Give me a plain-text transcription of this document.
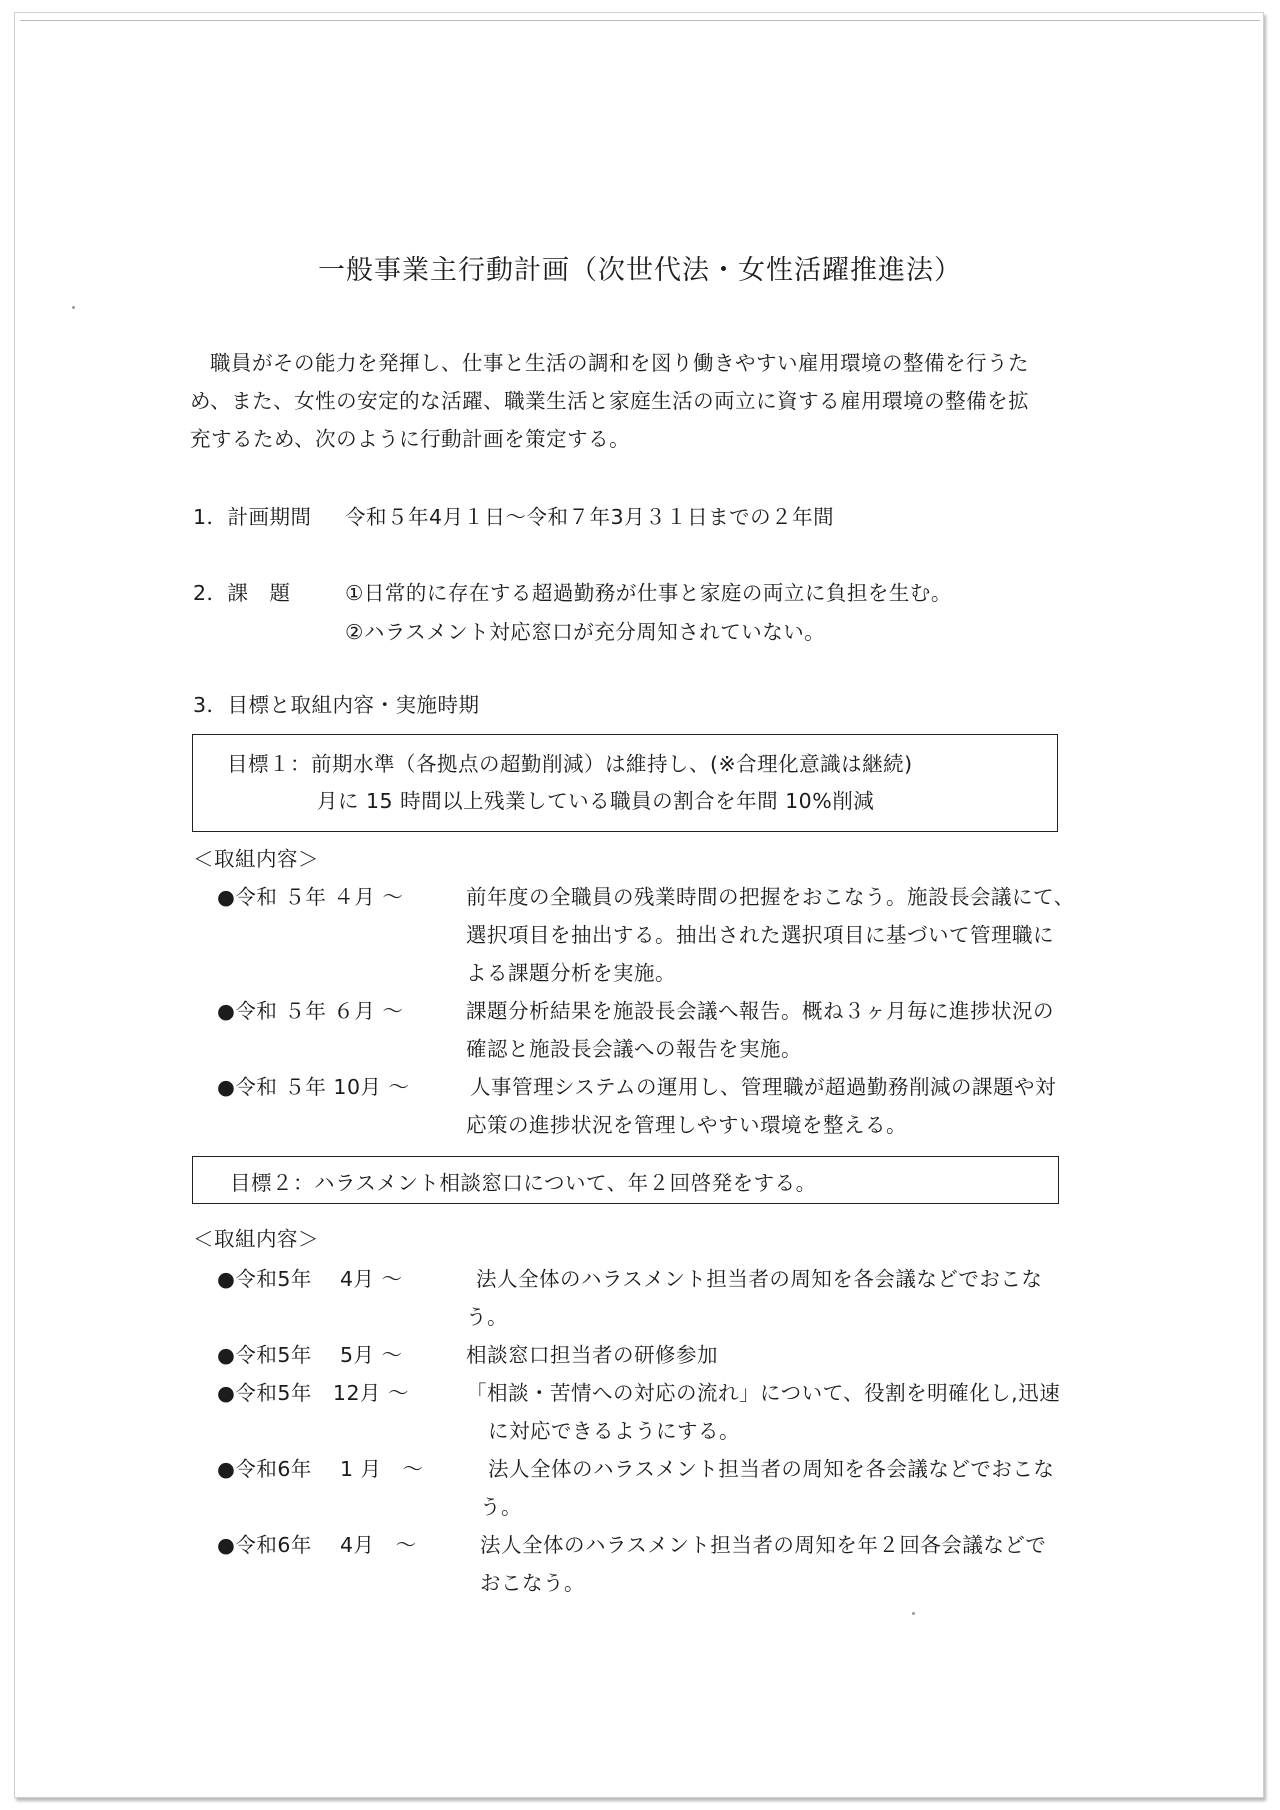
一般事業主行動計画（次世代法・女性活躍推進法）
職員がその能力を発揮し、仕事と生活の調和を図り働きやすい雇用環境の整備を行うた
め、また、女性の安定的な活躍、職業生活と家庭生活の両立に資する雇用環境の整備を拡
充するため、次のように行動計画を策定する。
1．計画期間 令和５年4月１日～令和７年3月３１日までの２年間
2．課　題	①日常的に存在する超過勤務が仕事と家庭の両立に負担を生む。
②ハラスメント対応窓口が充分周知されていない。
3．目標と取組内容・実施時期
目標１：前期水準（各拠点の超勤削減）は維持し、(※合理化意識は継続)
月に 15 時間以上残業している職員の割合を年間 10%削減
＜取組内容＞
●令和 ５年 ４月 ～	前年度の全職員の残業時間の把握をおこなう。施設長会議にて、
選択項目を抽出する。抽出された選択項目に基づいて管理職に
よる課題分析を実施。
●令和 ５年 ６月 ～	課題分析結果を施設長会議へ報告。概ね３ヶ月毎に進捗状況の
確認と施設長会議への報告を実施。
●令和 ５年 10月 ～	人事管理システムの運用し、管理職が超過勤務削減の課題や対
応策の進捗状況を管理しやすい環境を整える。
目標２：ハラスメント相談窓口について、年２回啓発をする。
＜取組内容＞
●令和5年　 4月 ～	法人全体のハラスメント担当者の周知を各会議などでおこな
う。
●令和5年　 5月 ～	相談窓口担当者の研修参加
●令和5年　12月 ～	「相談・苦情への対応の流れ」について、役割を明確化し,迅速
に対応できるようにする。
●令和6年　 1 月　～	法人全体のハラスメント担当者の周知を各会議などでおこな
う。
●令和6年　 4月　～	法人全体のハラスメント担当者の周知を年２回各会議などで
おこなう。
